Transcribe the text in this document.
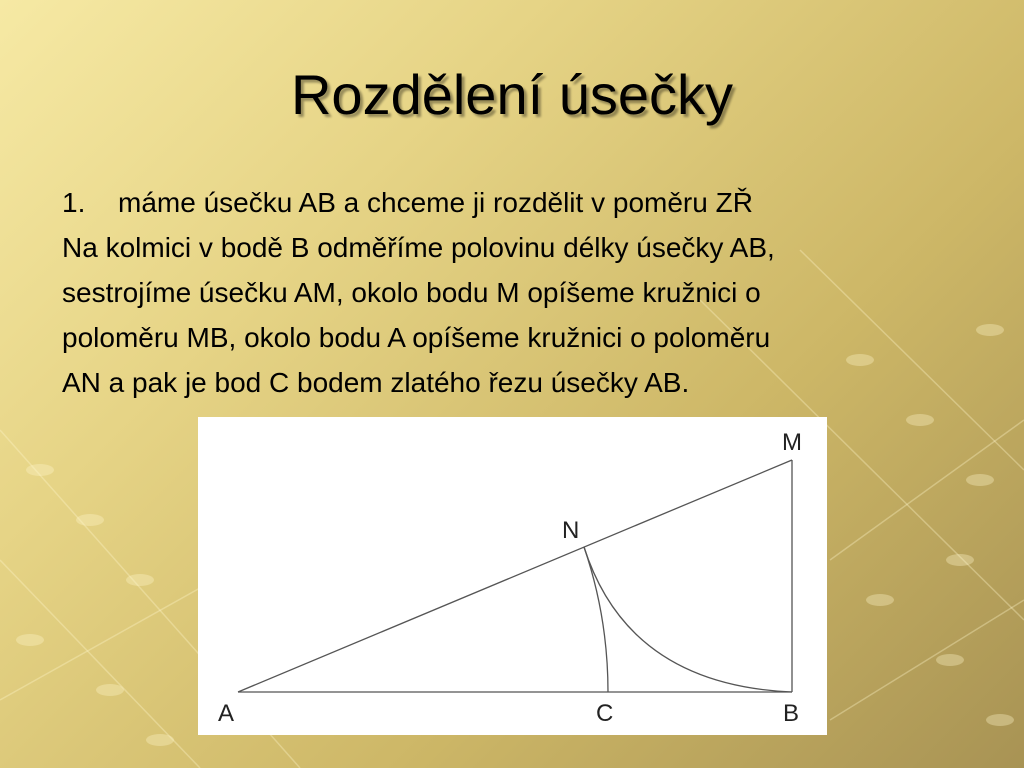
Rozdělení úsečky
1. máme úsečku AB a chceme ji rozdělit v poměru ZŘ
Na kolmici v bodě B odměříme polovinu délky úsečky AB,
sestrojíme úsečku AM, okolo bodu M opíšeme kružnici o
poloměru MB, okolo bodu A opíšeme kružnici o poloměru
AN a pak je bod C bodem zlatého řezu úsečky AB.
A	C	B
M
N
